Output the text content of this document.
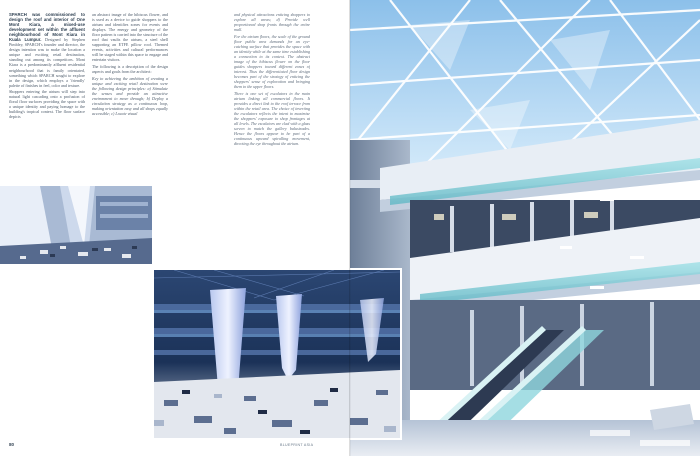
SPARCH was commissioned to design the roof and interior of One Mont Kiara, a mixed-use development set within the affluent neighbourhood of Mont Kiara in Kuala Lumpur. Designed by Stephen Pimbley, SPARCH's founder and director, the design intention was to make the location a unique and exciting retail destination, standing out among its competitors. Mont Kiara is a predominantly affluent residential neighbourhood that is family orientated, something which SPARCH sought to explore in the design, which employs a 'friendly' palette of finishes in feel, color and texture.

Shoppers entering the atrium will step into natural light cascading onto a profusion of floral floor surfaces providing the space with a unique identity and paying homage to the building's tropical context. The floor surface depicts

an abstract image of the hibiscus flower, and is used as a device to guide shoppers to the atrium and identifies zones for events and displays. The energy and geometry of the floor pattern is carried into the structure of the roof that vaults the atrium, a steel shell supporting an ETFE pillow roof. Themed events, activities and cultural performances will be staged within this space to engage and entertain visitors.

The following is a description of the design aspects and goals from the architect:

Key to achieving the ambition of creating a unique and exciting retail destination were the following design principles: a) Stimulate the senses and provide an attractive environment to move through; b) Deploy a circulation strategy as a continuous loop, making orientation easy and all shops equally accessible; c) Locate visual

and physical attractions enticing shoppers to explore all areas; d) Provide well proportioned shop fronts through the entire mall.

For the atrium floors, the scale of the ground floor public area demands for an eye-catching surface that provides the space with an identity while at the same time establishing a connection to its context. The abstract image of the hibiscus flower on the floor guides shoppers toward different zones of interest. Thus the differentiated floor design becomes part of the strategy of enticing the shoppers' sense of exploration and bringing them to the upper floors.

There is one set of escalators in the main atrium linking all commercial floors. It provides a direct link to the roof terrace from within the retail area. The choice of inverting the escalators reflects the intent to maximise the shoppers' exposure to shop frontages at all levels. The escalators are clad with a glass screen to match the gallery balustrades. Hence the floors appear to be part of a continuous upward spiralling movement, directing the eye throughout the atrium.

80	BLUEPRINT ASIA
